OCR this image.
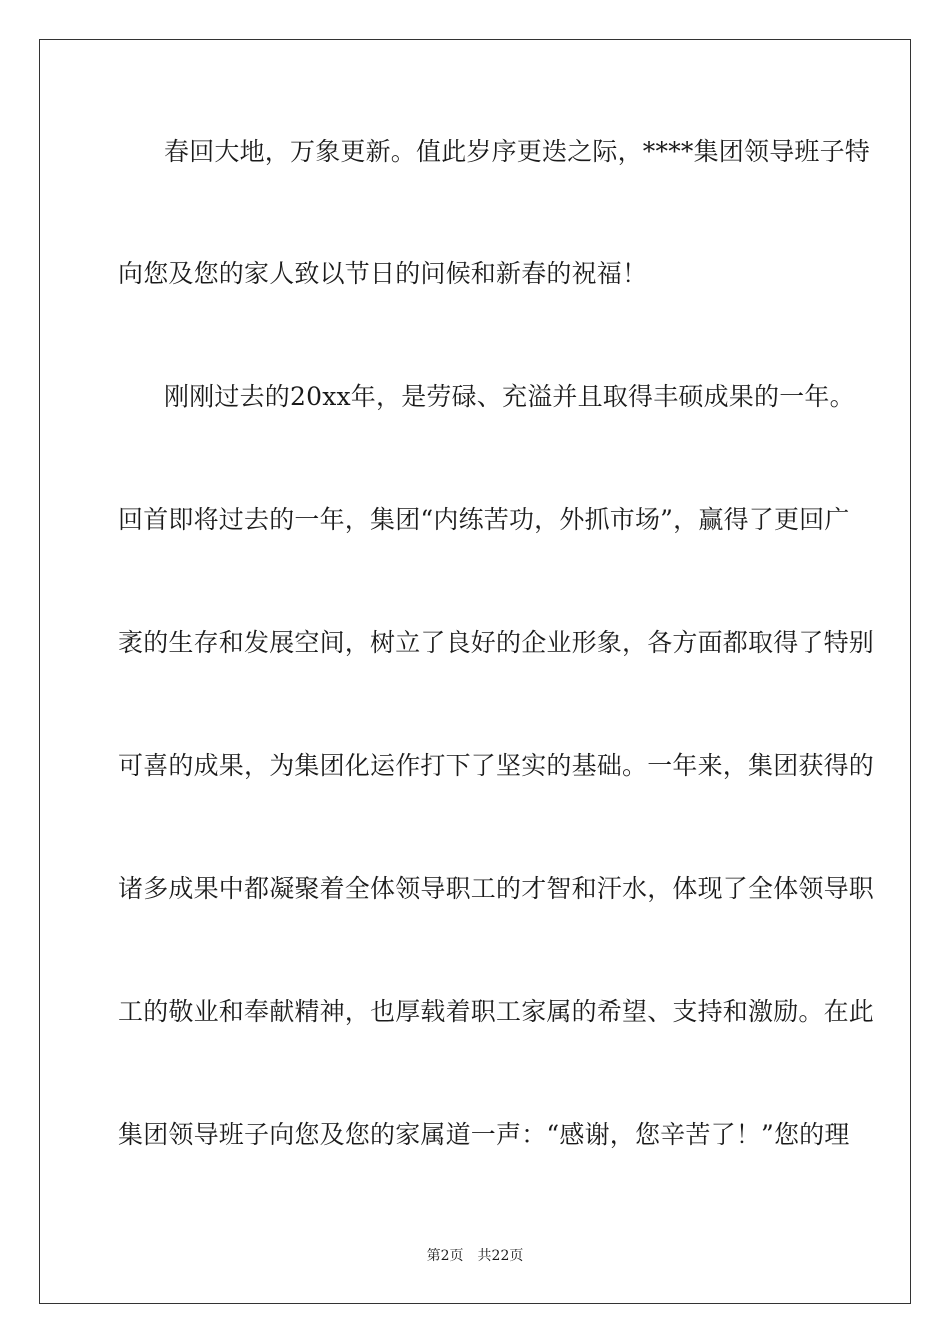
春回大地，万象更新。值此岁序更迭之际，****集团领导班子特
向您及您的家人致以节日的问候和新春的祝福！
刚刚过去的20xx年，是劳碌、充溢并且取得丰硕成果的一年。
回首即将过去的一年，集团“内练苦功，外抓市场”，赢得了更回广
袤的生存和发展空间，树立了良好的企业形象，各方面都取得了特别
可喜的成果，为集团化运作打下了坚实的基础。一年来，集团获得的
诸多成果中都凝聚着全体领导职工的才智和汗水，体现了全体领导职
工的敬业和奉献精神，也厚载着职工家属的希望、支持和激励。在此
集团领导班子向您及您的家属道一声：“感谢，您辛苦了！”您的理
第2页 共22页
